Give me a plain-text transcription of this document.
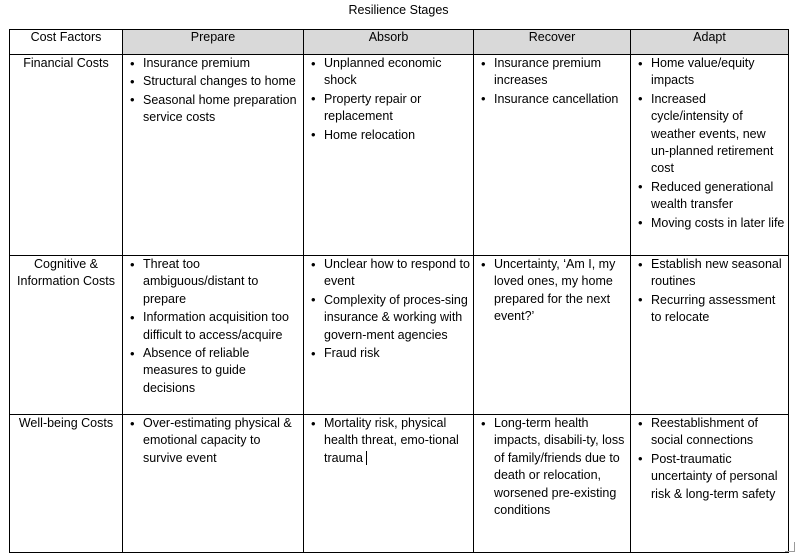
Resilience Stages
Cost Factors	Prepare	Absorb	Recover	Adapt
Financial Costs	
•Insurance premium
• Structural changes to home
• Seasonal home preparation service costs

• Unplanned economic shock
• Property repair or replacement
• Home relocation

• Insurance premium increases
• Insurance cancellation

• Home value/equity impacts
• Increased cycle/intensity of weather events, new un-planned retirement cost
• Reduced generational wealth transfer
• Moving costs in later life

Cognitive & Information Costs	
• Threat too ambiguous/distant to prepare
• Information acquisition too difficult to access/acquire
• Absence of reliable measures to guide decisions

• Unclear how to respond to event
• Complexity of proces-sing insurance & working with govern-ment agencies
• Fraud risk

• Uncertainty, ‘Am I, my loved ones, my home prepared for the next event?’

• Establish new seasonal routines
• Recurring assessment to relocate

Well-being Costs	
•Over-estimating physical & emotional capacity to survive event

• Mortality risk, physical health threat, emo-tional trauma

• Long-term health impacts, disabili-ty, loss of family/friends due to death or relocation, worsened pre-existing conditions

• Reestablishment of social connections
• Post-traumatic uncertainty of personal risk & long-term safety
